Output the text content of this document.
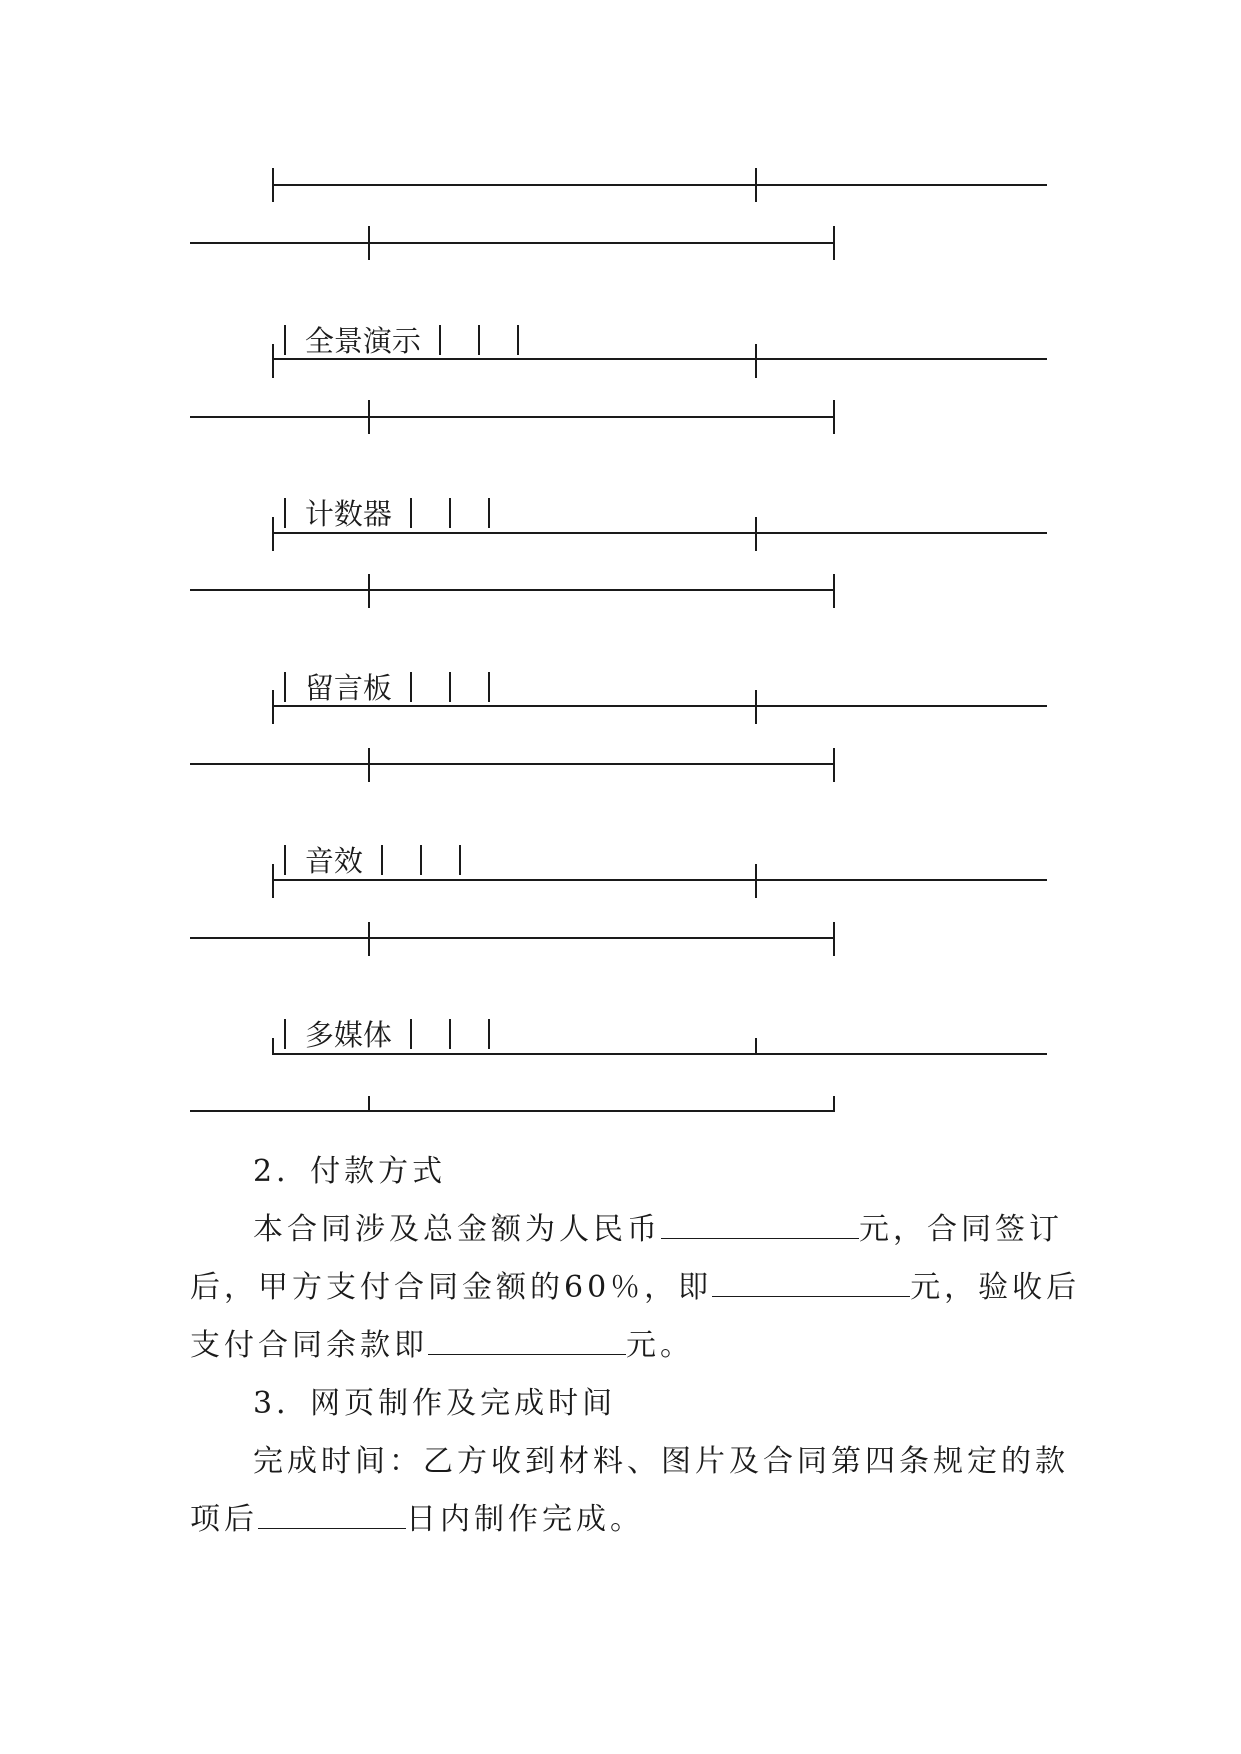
全景演示

计数器

留言板

音效

多媒体

2．付款方式
本合同涉及总金额为人民币	元，合同签订
后，甲方支付合同金额的60％，即	元，验收后
支付合同余款即	元。
3．网页制作及完成时间
完成时间：乙方收到材料、图片及合同第四条规定的款
项后	日内制作完成。
